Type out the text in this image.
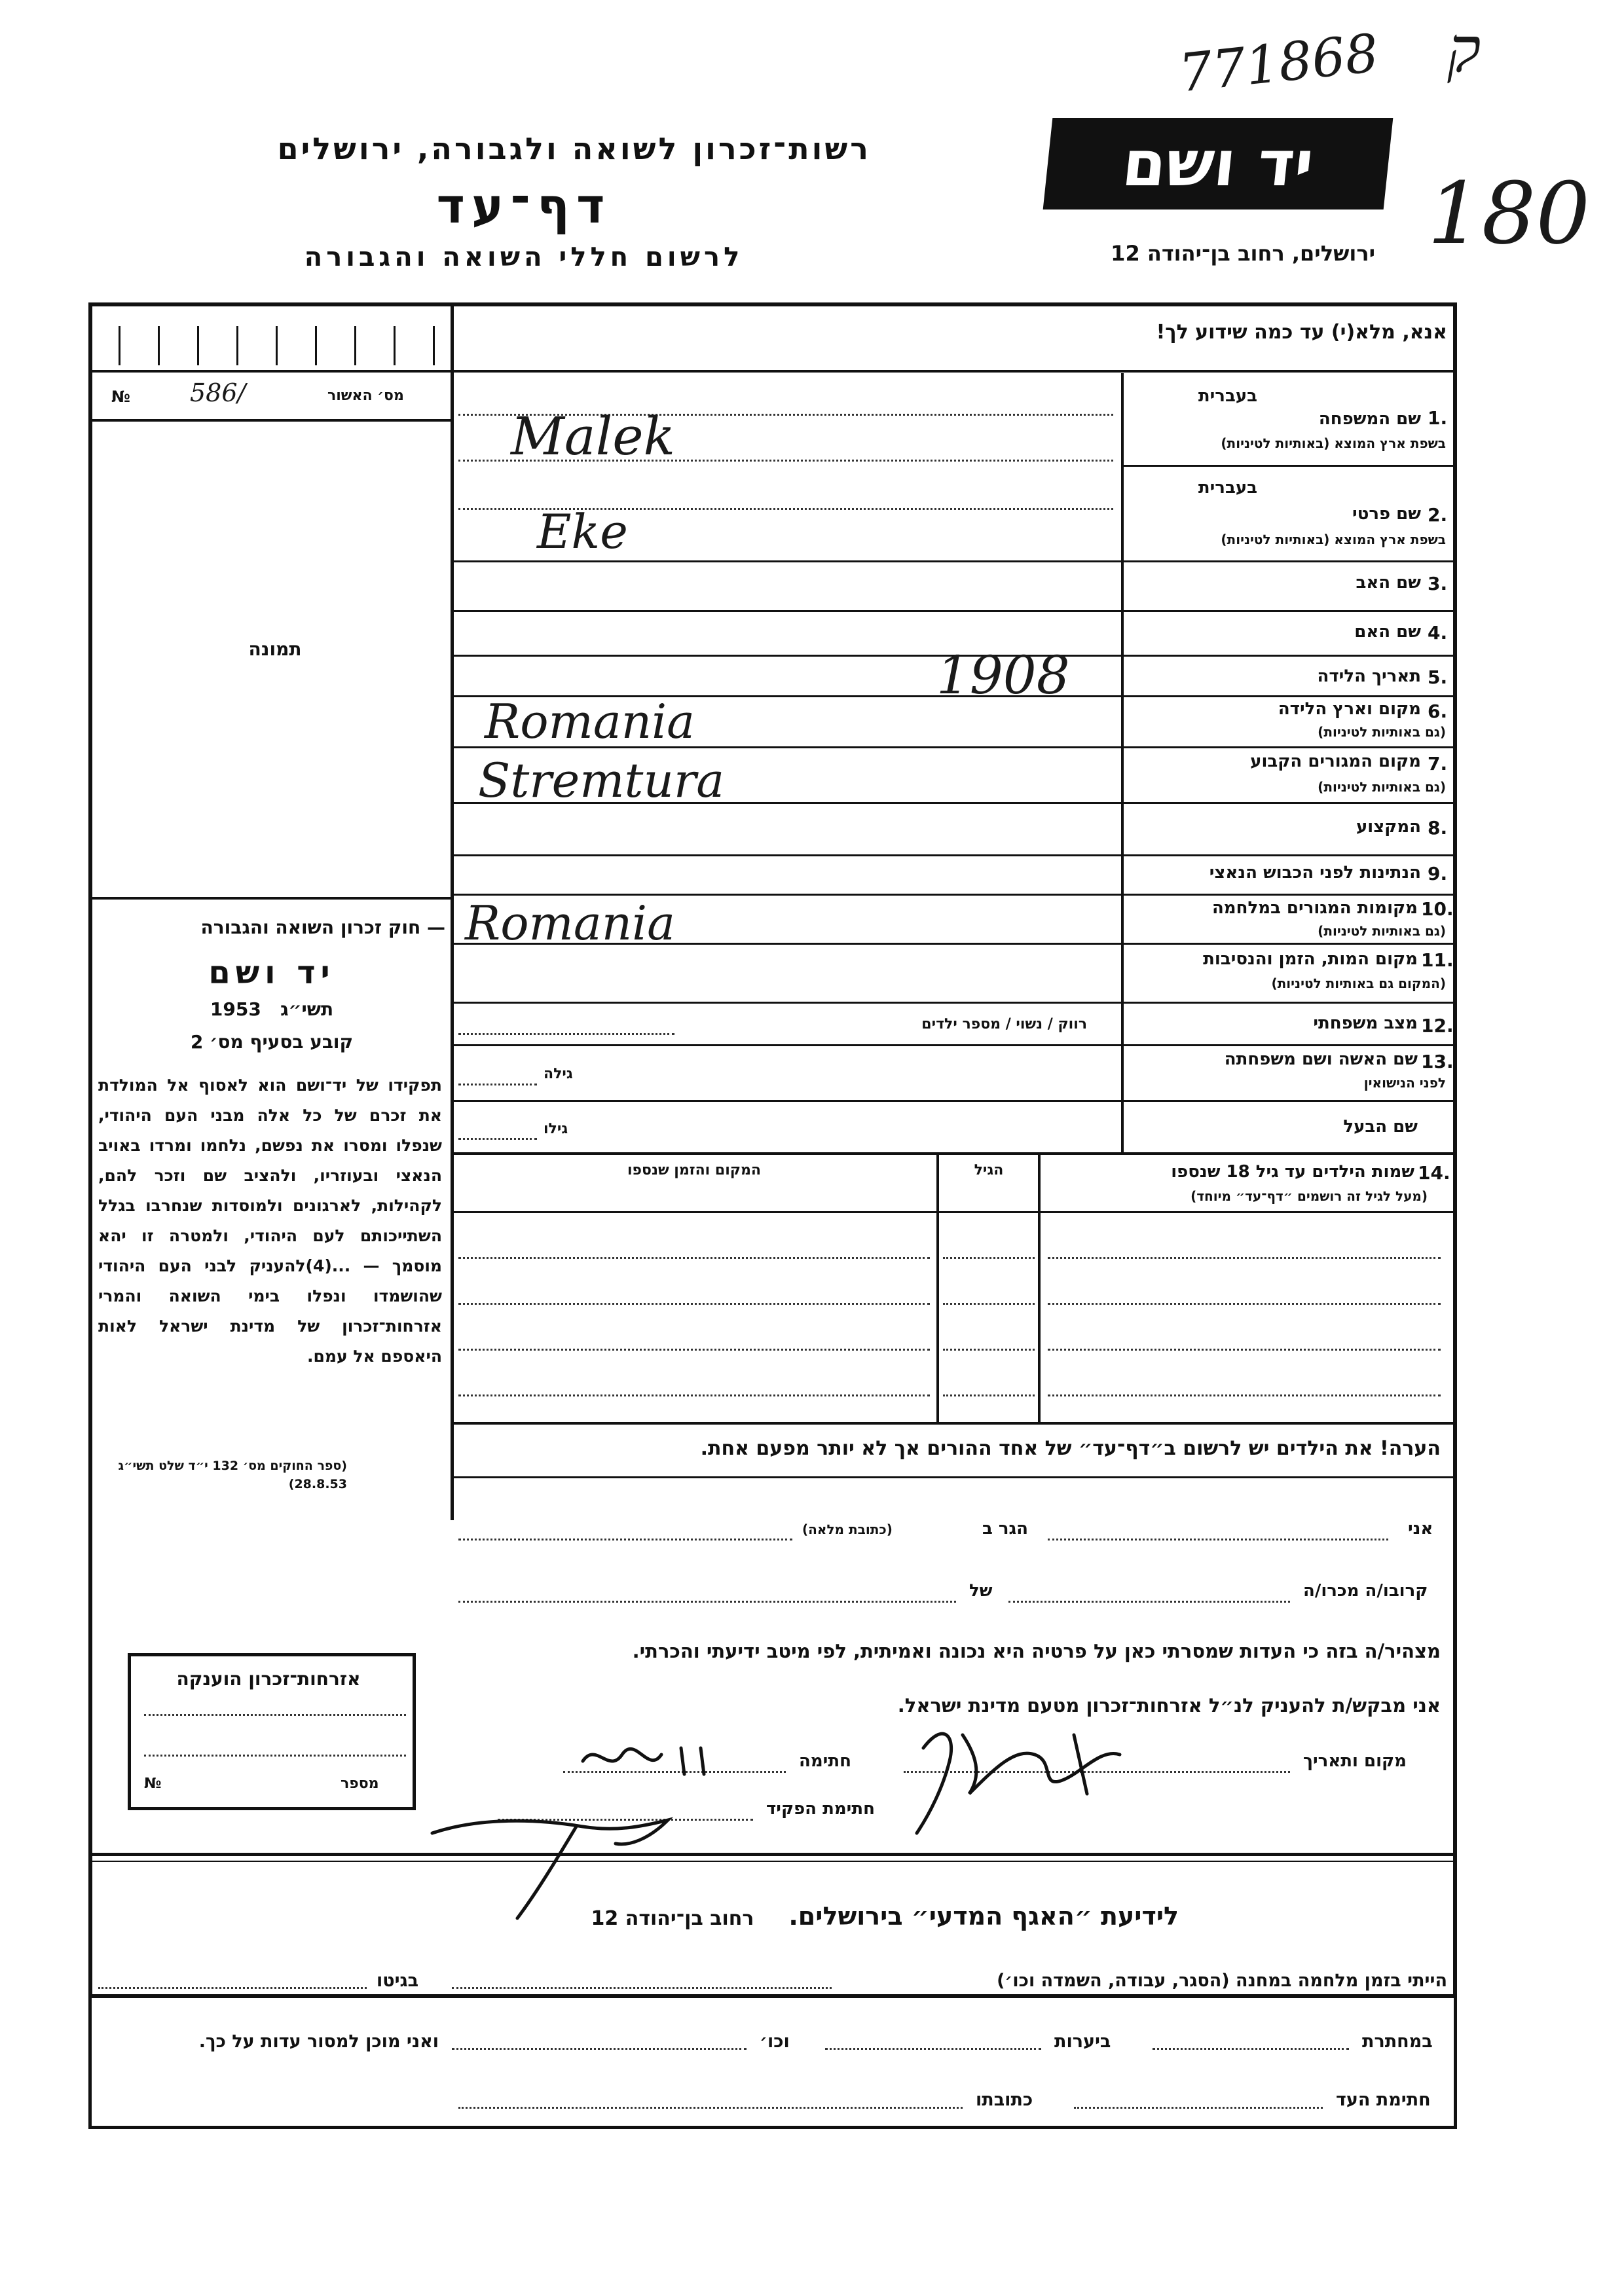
771868 ק
180
רשות־זכרון לשואה ולגבורה, ירושלים
דף־עד
לרשום חללי השואה והגבורה
יד ושם
ירושלים, רחוב בן־יהודה 12
אנא, מלא(י) עד כמה שידוע לך!
№ 586/	מס׳ האשור
תמונה
— חוק זכרון השואה והגבורה
יד ושם
1953 תשי״ג
קובע בסעיף מס׳ 2
תפקידו של יד־ושם הוא לאסוף אל המולדת את זכרם של כל אלה מבני העם היהודי, שנפלו ומסרו את נפשם, נלחמו ומרדו באויב הנאצי ובעוזריו, ולהציב שם וזכר להם, לקהילות, לארגונים ולמוסדות שנחרבו בגלל השתייכותם לעם היהודי, ולמטרה זו יהא מוסמך — ...(4)להעניק לבני העם היהודי שהושמדו ונפלו בימי השואה והמרי אזרחות־זכרון של מדינת ישראל לאות היאספם אל עמם.
(ספר החוקים מס׳ 132 י״ד שלט תשי״ג 28.8.53)
1.
בעברית
שם המשפחה
בשפת ארץ המוצא (באותיות לטיניות)
Malek
2.
בעברית
שם פרטי
בשפת ארץ המוצא (באותיות לטיניות)
Eke
3.
שם האב
4.
שם האם
5.
תאריך הלידה
1908
6.
מקום וארץ הלידה
(גם באותיות לטיניות)
Romania
7.
מקום המגורים הקבוע
(גם באותיות לטיניות)
Stremtura
8.
המקצוע
9.
הנתינות לפני הכבוש הנאצי
10.
מקומות המגורים במלחמה
(גם באותיות לטיניות)
Romania
11.
מקום המות, הזמן והנסיבות
(המקום גם באותיות לטיניות)
12.
מצב משפחתי
רווק / נשוי / מספר ילדים
13.
שם האשה ושם משפחתה
לפני הנישואין
גילה
שם הבעל
גילו
14.
שמות הילדים עד גיל 18 שנספו
(מעל לגיל זה רושמים ״דף־עד״ מיוחד)
הגיל
המקום והזמן שנספו
הערה! את הילדים יש לרשום ב״דף־עד״ של אחד ההורים אך לא יותר מפעם אחת.
אני
הגר ב
(כתובת מלאה)
קרובו/ה מכרו/ה
של
מצהיר/ה בזה כי העדות שמסרתי כאן על פרטיה היא נכונה ואמיתית, לפי מיטב ידיעתי והכרתי.
אני מבקש/ת להעניק לנ״ל אזרחות־זכרון מטעם מדינת ישראל.
מקום ותאריך
חתימה
חתימת הפקיד
אזרחות־זכרון הוענקה
№	מספר
לידיעת ״האגף המדעי״ בירושלים.    רחוב בן־יהודה 12
הייתי בזמן מלחמה במחנה (הסגר, עבודה, השמדה וכו׳)
בגיטו
במחתרת
ביערות
וכו׳
ואני מוכן למסור עדות על כך.
חתימת העד
כתובתו
